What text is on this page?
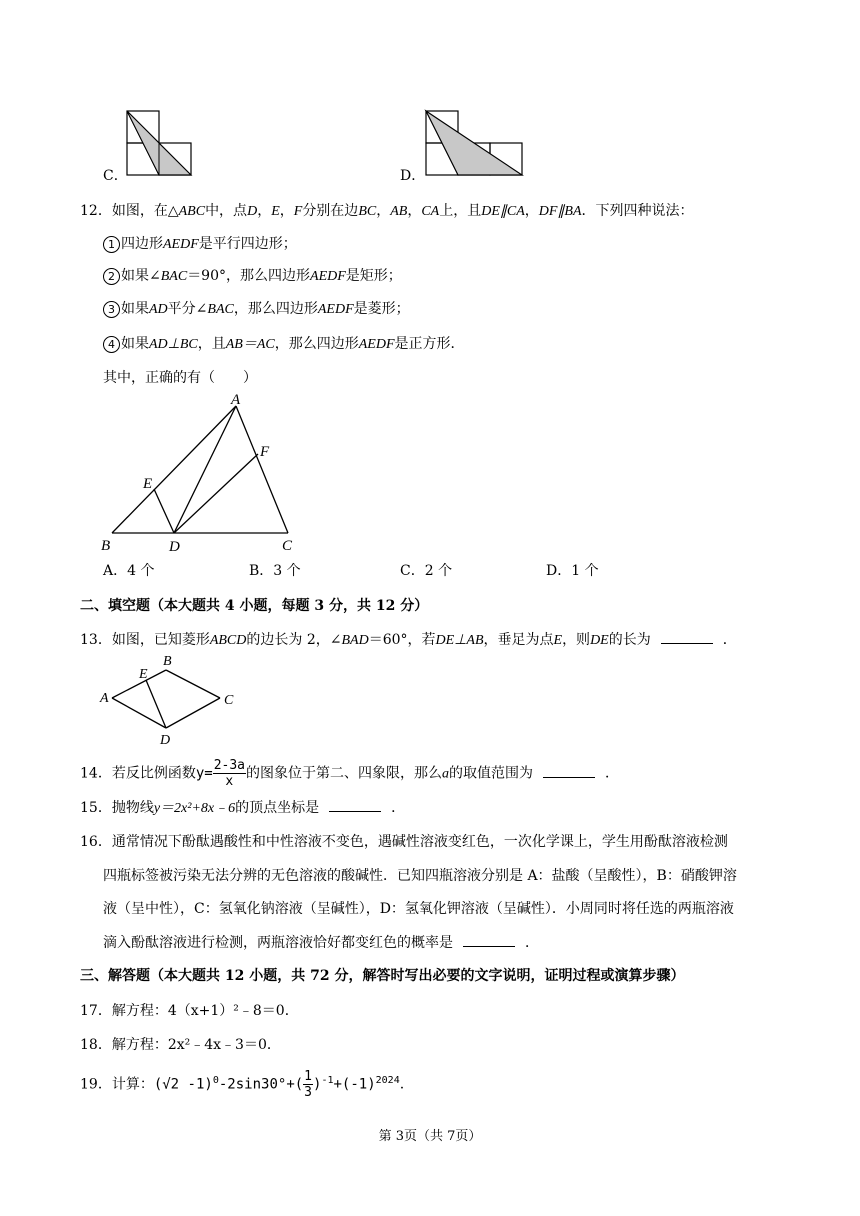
C．	D．
12．如图，在△ABC中，点D，E，F分别在边BC，AB，CA上，且DE∥CA，DF∥BA．下列四种说法：
1 四边形AEDF是平行四边形；
2 如果∠BAC＝90°，那么四边形AEDF是矩形；
3 如果AD平分∠BAC，那么四边形AEDF是菱形；
4 如果AD⊥BC，且AB＝AC，那么四边形AEDF是正方形．
其中，正确的有（　　）
A
B	C
D
E
F
A．4 个	B．3 个	C．2 个	D．1 个
二、填空题（本大题共 4 小题，每题 3 分，共 12 分）
13．如图，已知菱形ABCD的边长为 2，∠BAD＝60°，若DE⊥AB，垂足为点E，则DE的长为	．
A
B
C
D
E
14．若反比例函数$y= \frac{2-3a}{x}$ 的图象位于第二、四象限，那么a的取值范围为	．
15．抛物线y＝2x²+8x﹣6的顶点坐标是	．
16．通常情况下酚酞遇酸性和中性溶液不变色，遇碱性溶液变红色，一次化学课上，学生用酚酞溶液检测
四瓶标签被污染无法分辨的无色溶液的酸碱性．已知四瓶溶液分别是 A：盐酸（呈酸性），B：硝酸钾溶
液（呈中性），C：氢氧化钠溶液（呈碱性），D：氢氧化钾溶液（呈碱性）．小周同时将任选的两瓶溶液
滴入酚酞溶液进行检测，两瓶溶液恰好都变红色的概率是	．
三、解答题（本大题共 12 小题，共 72 分，解答时写出必要的文字说明，证明过程或演算步骤）
17．解方程：4（x+1）²﹣8＝0．
18．解方程：2x²﹣4x﹣3＝0．
19．计算：(√2 $-1)^0-2\sin 30^\circ+( \frac{1}{3} )^{-1}+(-1)^{2024}$.
第 3页（共 7页）
